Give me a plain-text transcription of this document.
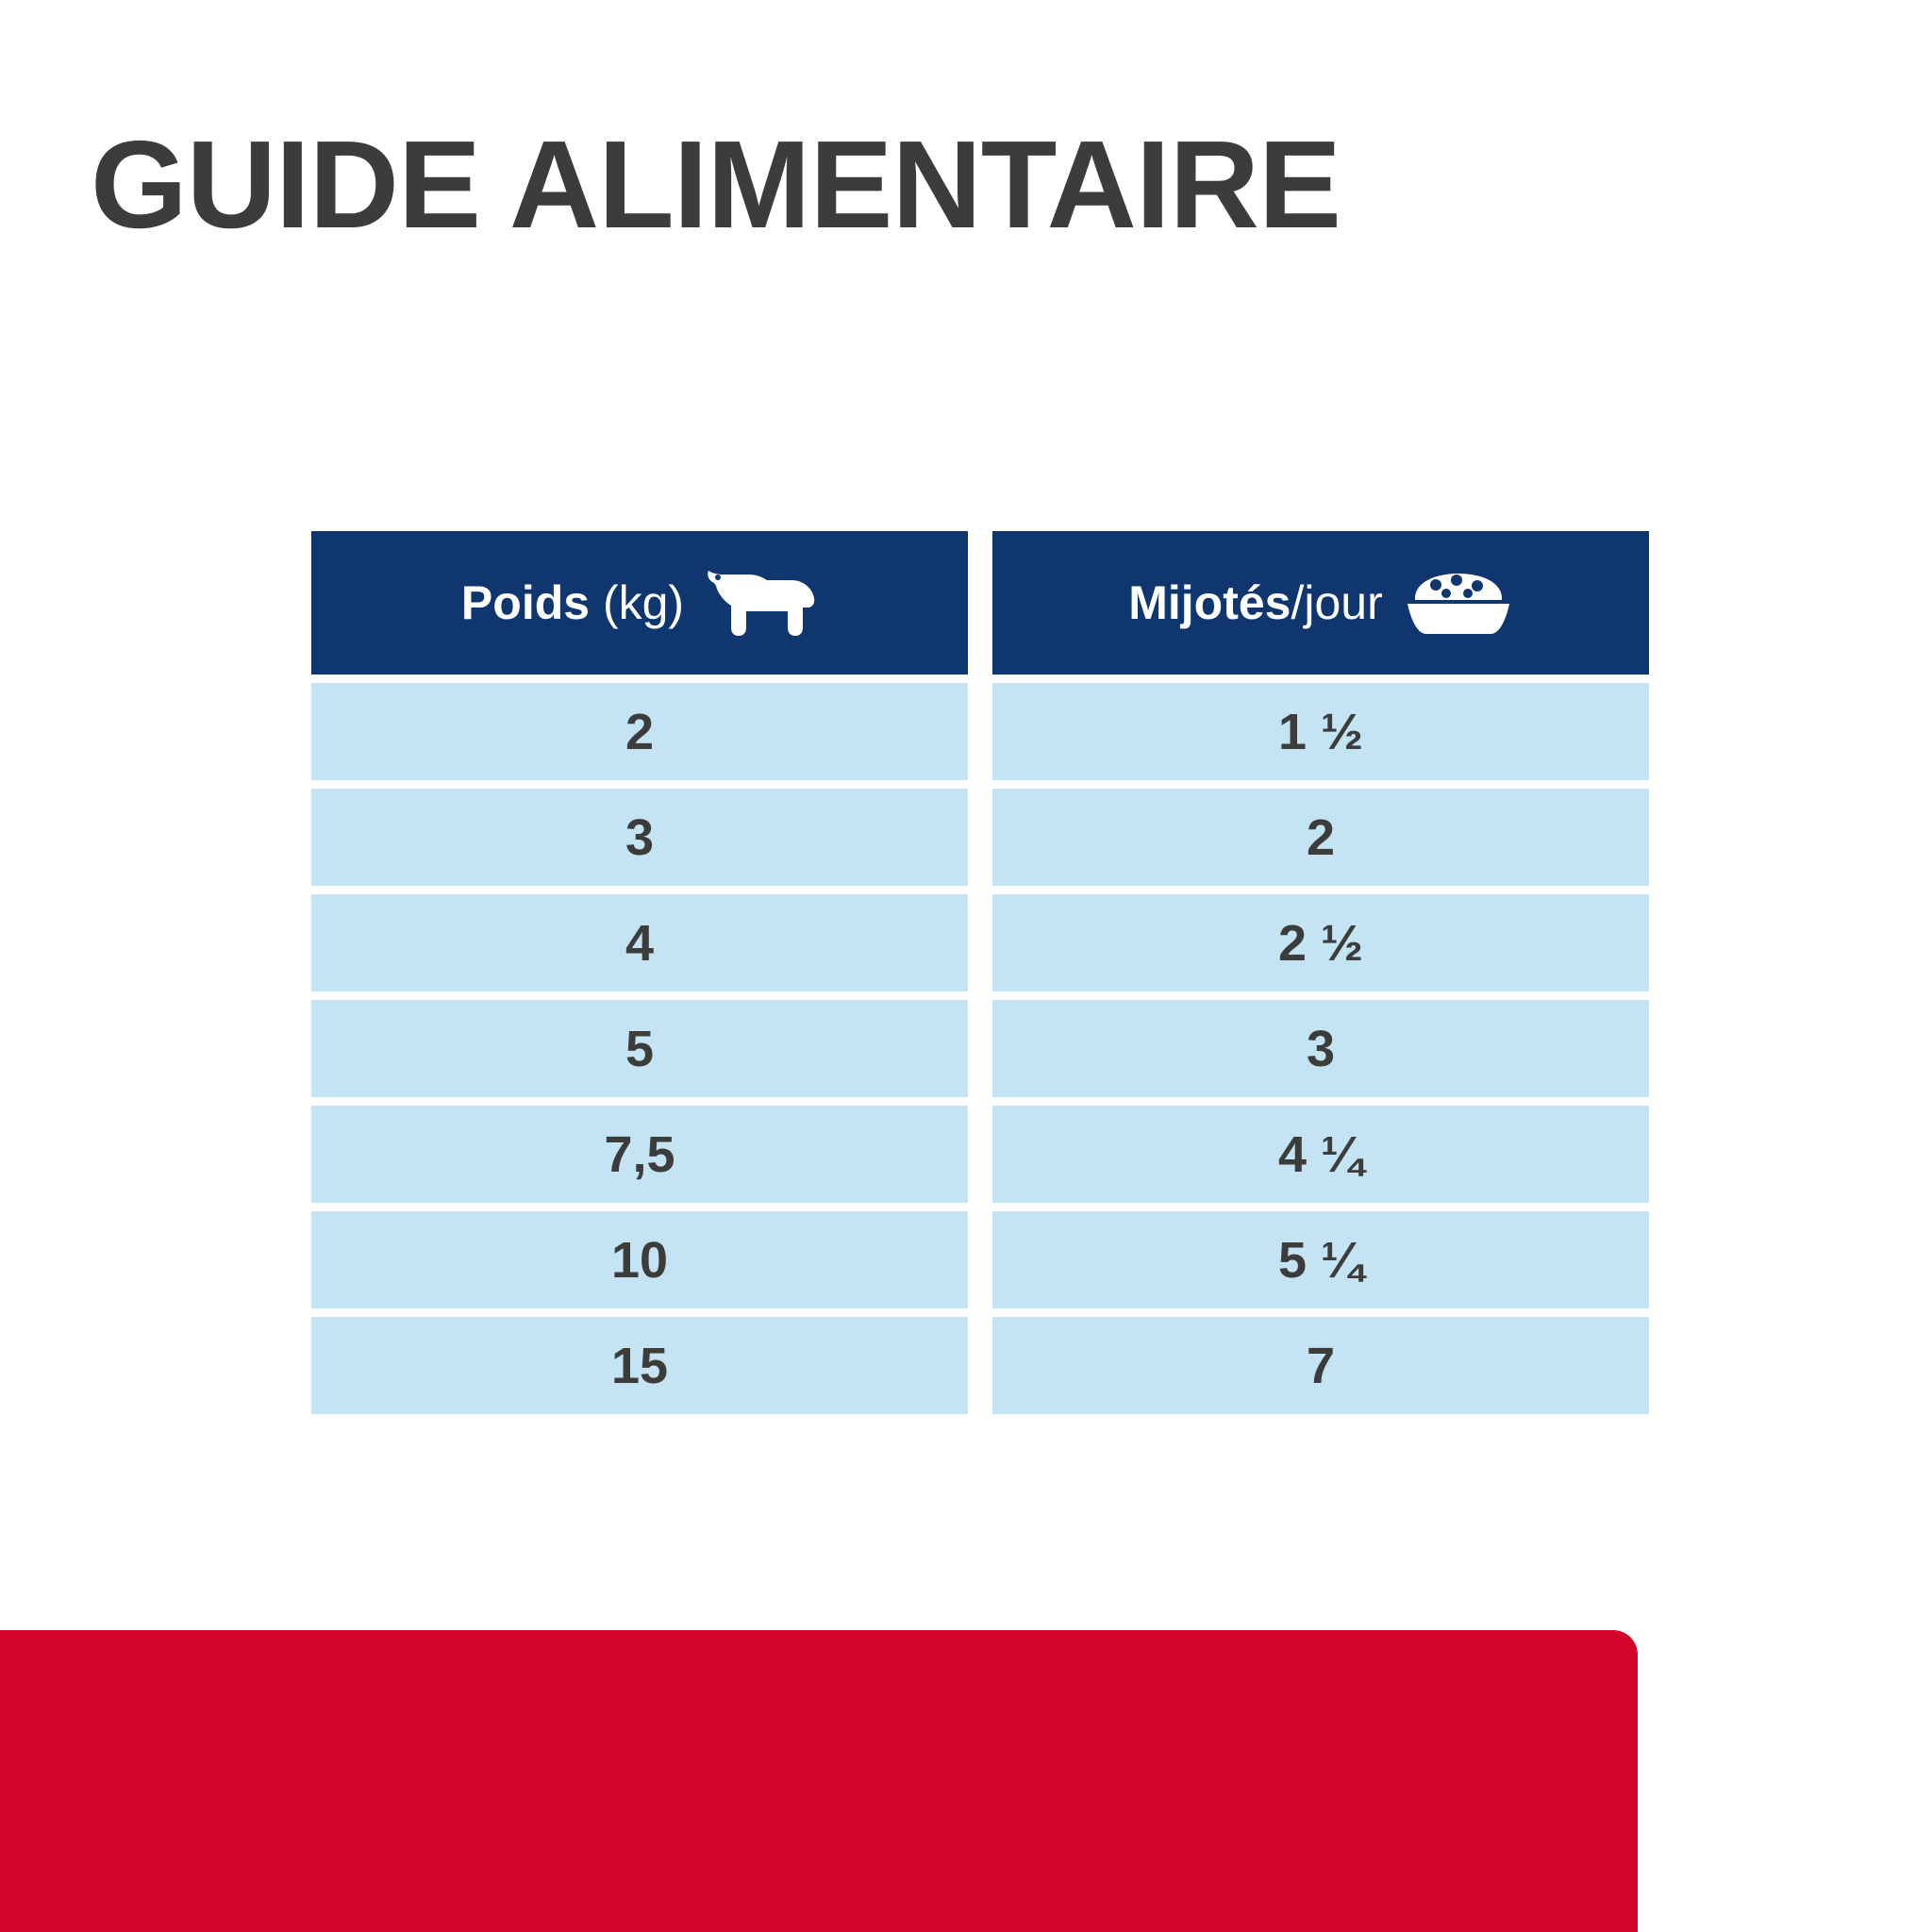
GUIDE ALIMENTAIRE
Poids (kg)
2
3
4
5
7,5
10
15
Mijotés/jour
1 ½
2
2 ½
3
4 ¼
5 ¼
7
